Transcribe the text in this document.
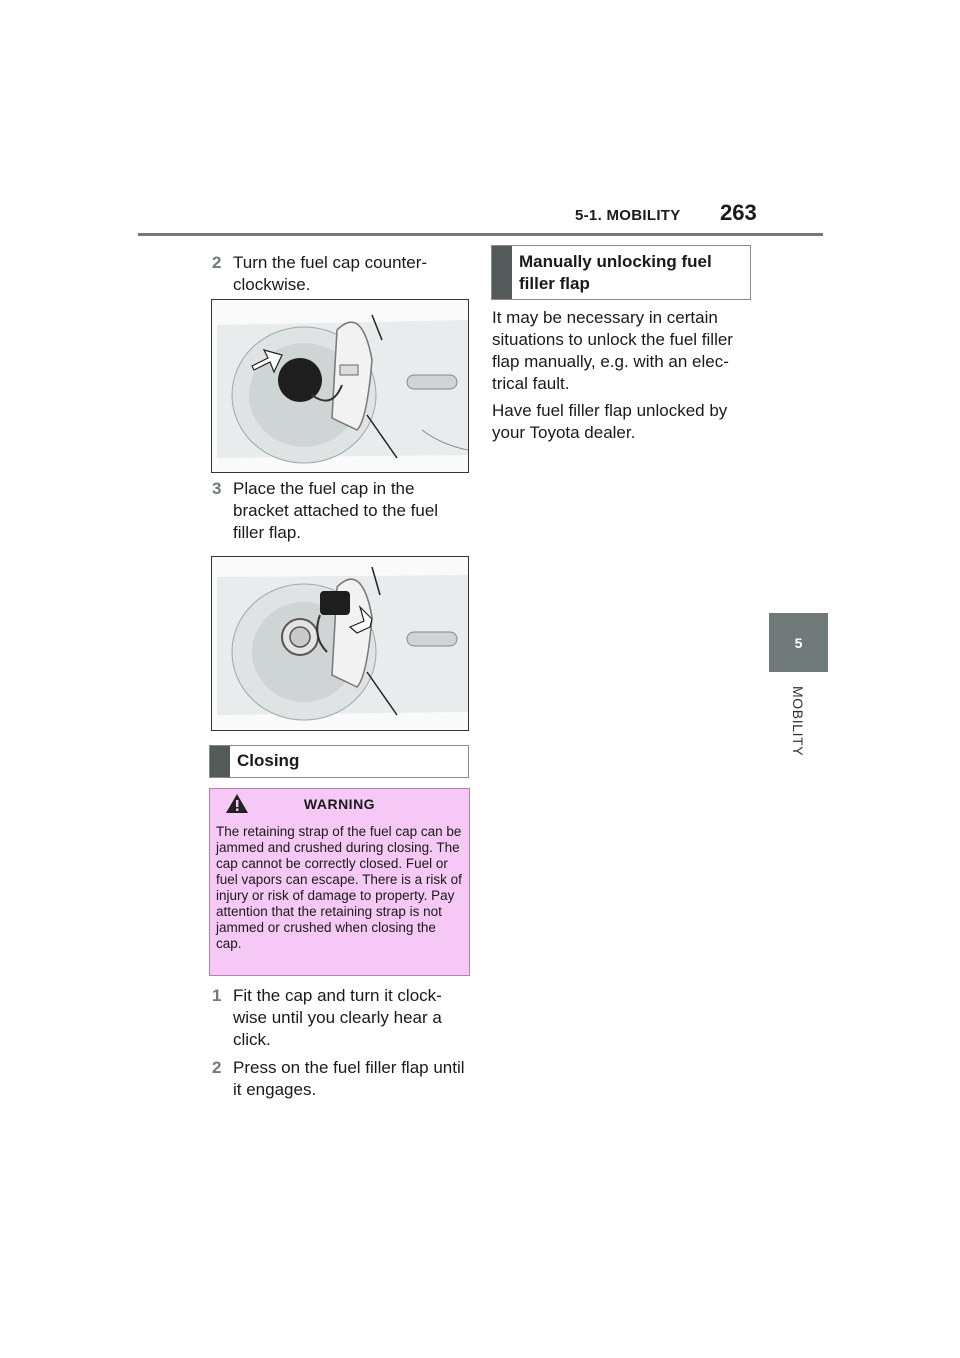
5-1. MOBILITY 263
5
MOBILITY
2 Turn the fuel cap counter-clockwise.
3 Place the fuel cap in the bracket attached to the fuel filler flap.
Closing
WARNING
The retaining strap of the fuel cap can be jammed and crushed during closing. The cap cannot be correctly closed. Fuel or fuel vapors can escape. There is a risk of injury or risk of damage to property. Pay attention that the retaining strap is not jammed or crushed when closing the cap.
1 Fit the cap and turn it clock-wise until you clearly hear a click.
2 Press on the fuel filler flap until it engages.
Manually unlocking fuel filler flap
It may be necessary in certain situations to unlock the fuel filler flap manually, e.g. with an elec-trical fault.
Have fuel filler flap unlocked by your Toyota dealer.
